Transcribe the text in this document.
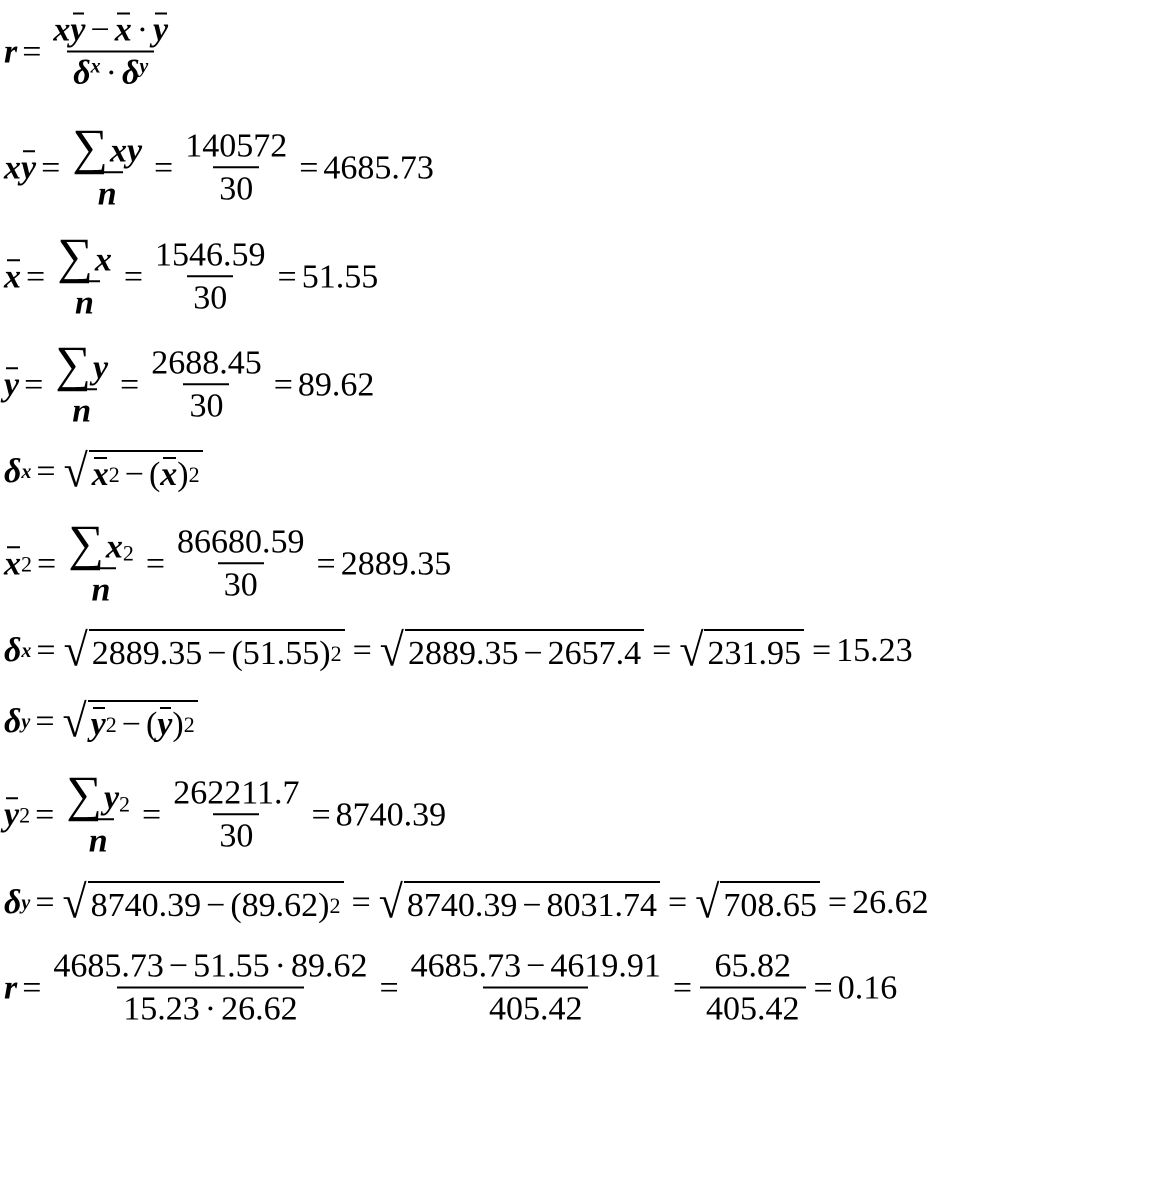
$r = \frac{\text{x y − x · y}}{\delta^x \cdot \delta^y}$
x $y = \frac{\sum xy}{n} = \frac{140572}{30} = 4685.73$
$x = \frac{\sum x}{n} = \frac{1546.59}{30} = 51.55$
$y = \frac{\sum y}{n} = \frac{2688.45}{30} = 89.62$
δ x = √ x 2 − ( x ) 2
x $2 = \frac{\sum x 2}{n} = \frac{86680.59}{30} = 2889.35$
δ x = √ 2889.35 − (51.55) 2 = √ 2889.35 − 2657.4 = √ 231.95 = 15.23
δ y = √ y 2 − ( y ) 2
y $2 = \frac{\sum y 2}{n} = \frac{262211.7}{30} = 8740.39$
δ y = √ 8740.39 − (89.62) 2 = √ 8740.39 − 8031.74 = √ 708.65 = 26.62
$r = \frac{4685.73 - 51.55 \cdot 89.62}{15.23 \cdot 26.62} = \frac{4685.73 - 4619.91}{405.42} = \frac{65.82}{405.42} = 0.16$
